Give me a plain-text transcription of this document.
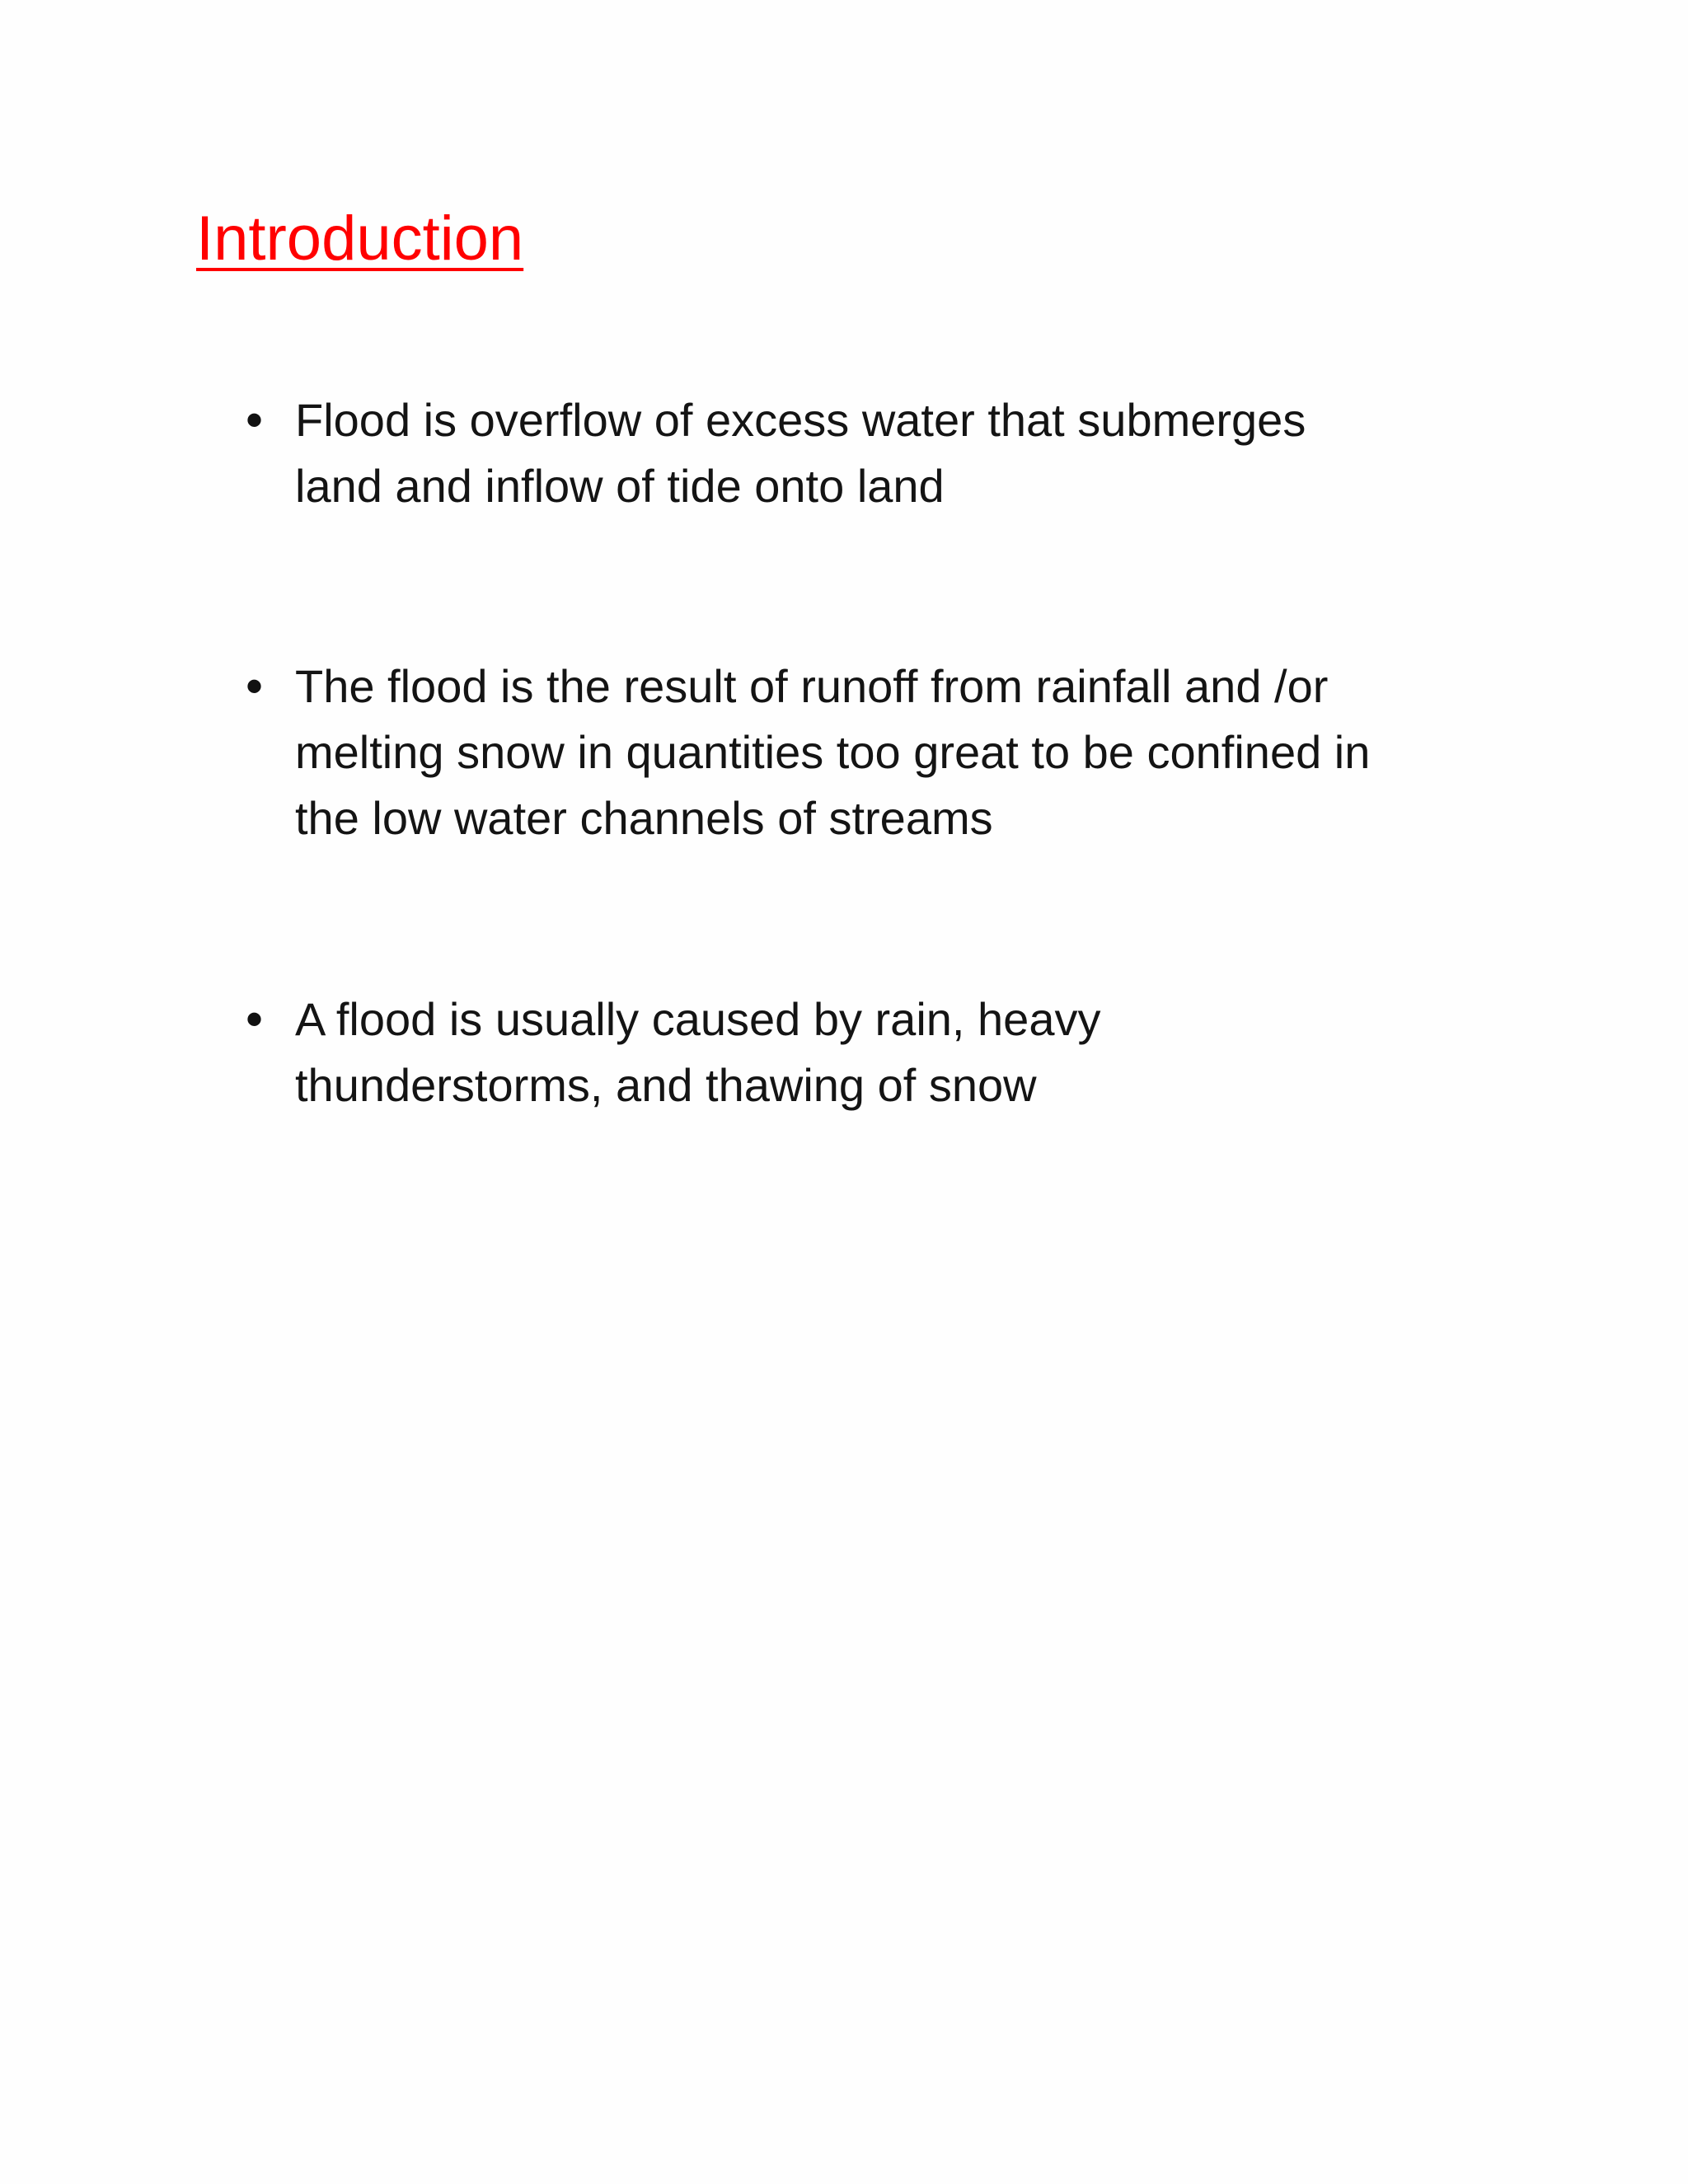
Introduction
• Flood is overflow of excess water that submerges
land and inflow of tide onto land
• The flood is the result of runoff from rainfall and /or
melting snow in quantities too great to be confined in
the low water channels of streams
• A flood is usually caused by rain, heavy
thunderstorms, and thawing of snow
